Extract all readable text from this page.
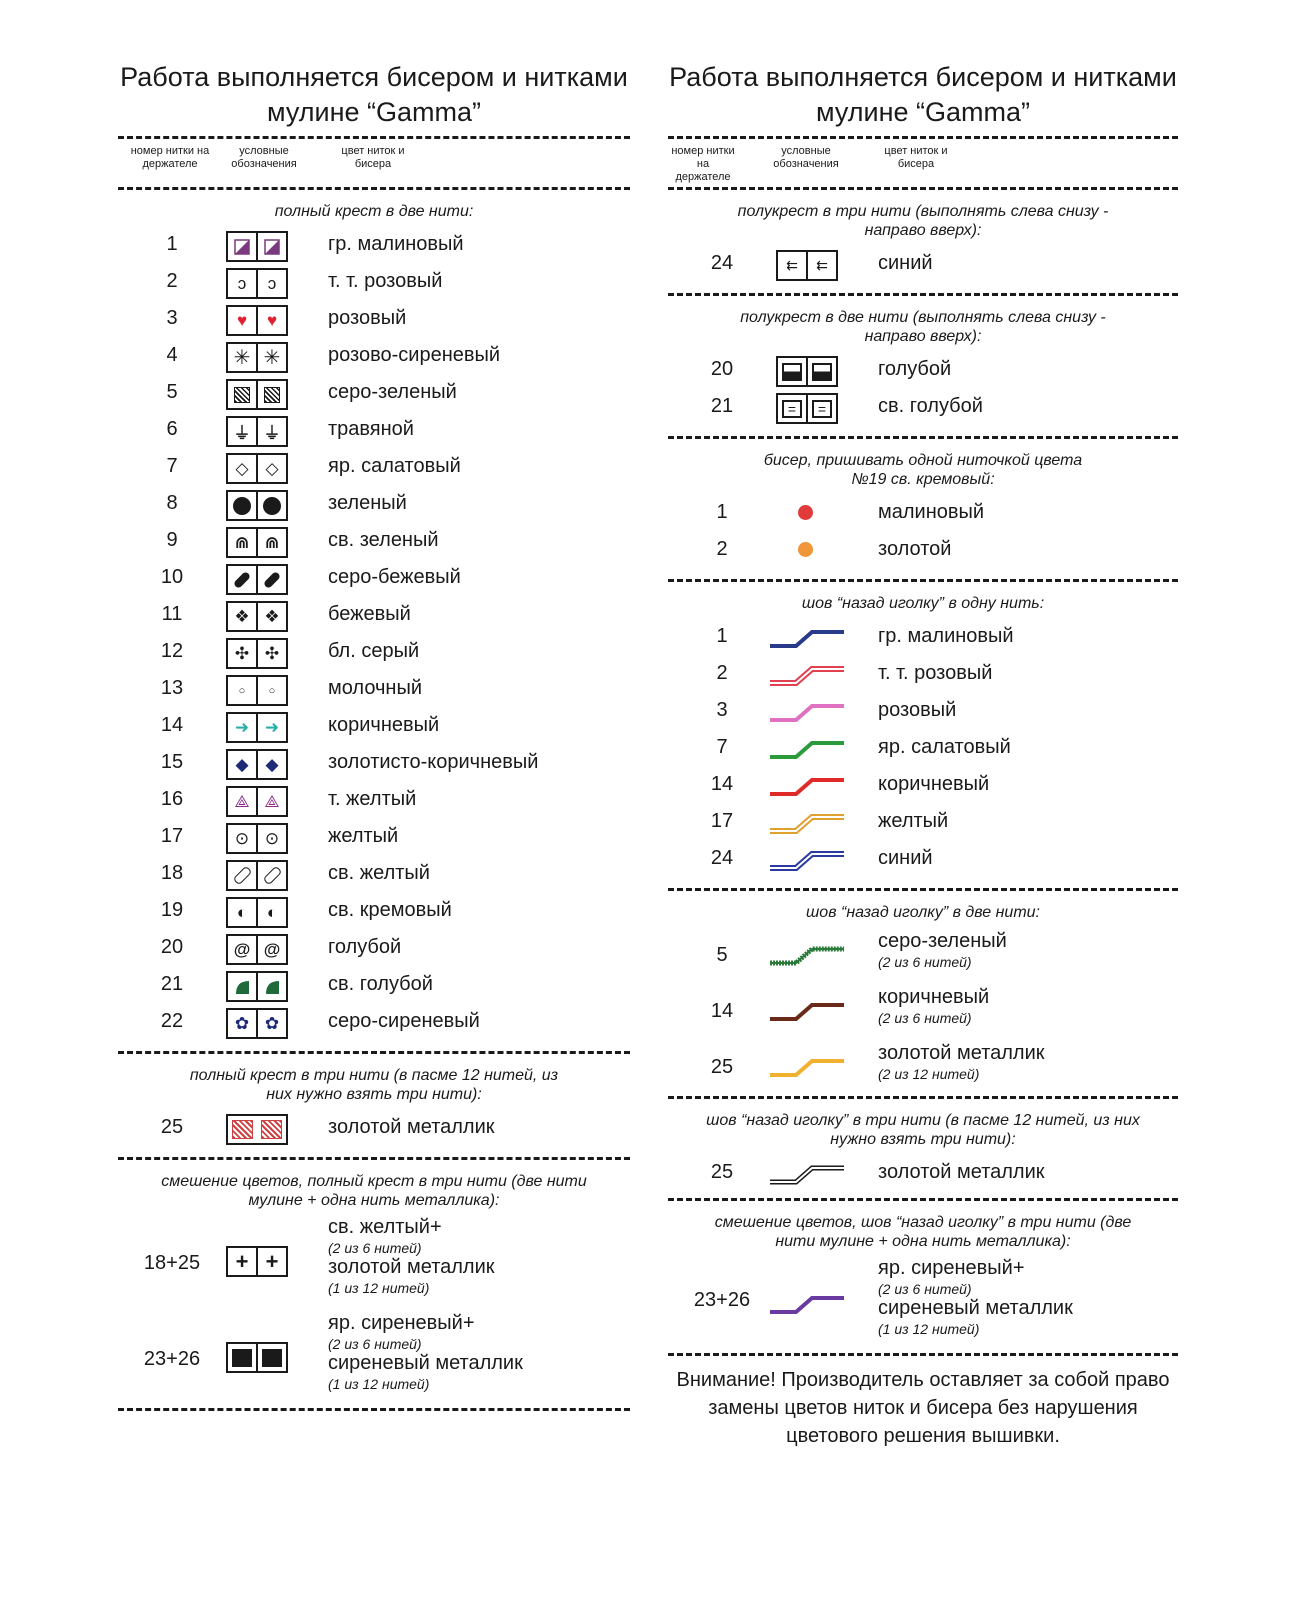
Работа выполняется бисером и нитками мулине “Gamma”
номер нитки на держателе
условные обозначения
цвет ниток и бисера
полный крест в две нити:
1	гр. малиновый
2	ↄ ↄ	т. т. розовый
3	♥ ♥	розовый
4	✳ ✳ розово-сиреневый
5	серо-зеленый
6	⏚ ⏚ травяной
7	◇ ◇ яр. салатовый
8	зеленый
9	⋒ ⋒ св. зеленый
10	серо-бежевый
11	❖ ❖ бежевый
12	✣ ✣ бл. серый
13	○ ○	молочный
14	➜ ➜ коричневый
15	◆ ◆ золотисто-коричневый
16	⟁ ⟁ т. желтый
17	⊙ ⊙ желтый
18	св. желтый
19	◐ ◐	св. кремовый
20	@ @ голубой
21	св. голубой
22	✿ ✿ серо-сиреневый
полный крест в три нити (в пасме 12 нитей, из них нужно взять три нити):
25	золотой металлик
смешение цветов, полный крест в три нити (две нити мулине + одна нить металлика):
18+25	+ +
св. желтый+
(2 из 6 нитей)
золотой металлик
(1 из 12 нитей)
23+26
яр. сиреневый+
(2 из 6 нитей)
сиреневый металлик
(1 из 12 нитей)
Работа выполняется бисером и нитками мулине “Gamma”
номер нитки на держателе
условные обозначения
цвет ниток и бисера
полукрест в три нити (выполнять слева снизу - направо вверх):
24	⇇	⇇	синий
полукрест в две нити (выполнять слева снизу - направо вверх):
20	голубой
21	=	=	св. голубой
бисер, пришивать одной ниточкой цвета №19 св. кремовый:
1	малиновый
2	золотой
шов “назад иголку” в одну нить:
1	гр. малиновый
2	т. т. розовый
3	розовый
7	яр. салатовый
14	коричневый
17	желтый
24	синий
шов “назад иголку” в две нити:
5
серо-зеленый
(2 из 6 нитей)
14
коричневый
(2 из 6 нитей)
25
золотой металлик
(2 из 12 нитей)
шов “назад иголку” в три нити (в пасме 12 нитей, из них нужно взять три нити):
25	золотой металлик
смешение цветов, шов “назад иголку” в три нити (две нити мулине + одна нить металлика):
23+26
яр. сиреневый+
(2 из 6 нитей)
сиреневый металлик
(1 из 12 нитей)
Внимание! Производитель оставляет за собой право замены цветов ниток и бисера без нарушения цветового решения вышивки.
